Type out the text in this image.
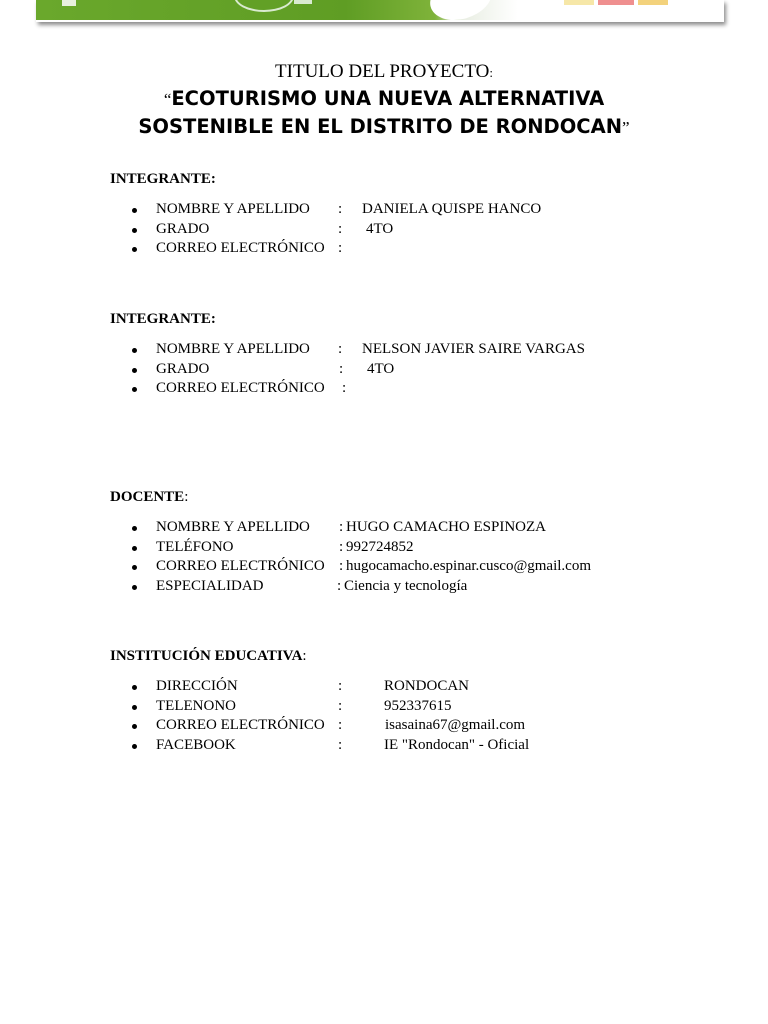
TITULO DEL PROYECTO:
“ECOTURISMO UNA NUEVA ALTERNATIVA
SOSTENIBLE EN EL DISTRITO DE RONDOCAN”
INTEGRANTE:
NOMBRE Y APELLIDO : DANIELA QUISPE HANCO
GRADO	: 4TO
CORREO ELECTRÓNICO :
INTEGRANTE:
NOMBRE Y APELLIDO : NELSON JAVIER SAIRE VARGAS
GRADO	: 4TO
CORREO ELECTRÓNICO :
DOCENTE:
NOMBRE Y APELLIDO : HUGO CAMACHO ESPINOZA
TELÉFONO	: 992724852
CORREO ELECTRÓNICO : hugocamacho.espinar.cusco@gmail.com
ESPECIALIDAD	: Ciencia y tecnología
INSTITUCIÓN EDUCATIVA:
DIRECCIÓN	:	RONDOCAN
TELENONO	:	952337615
CORREO ELECTRÓNICO :	isasaina67@gmail.com
FACEBOOK	:	IE "Rondocan" - Oficial
